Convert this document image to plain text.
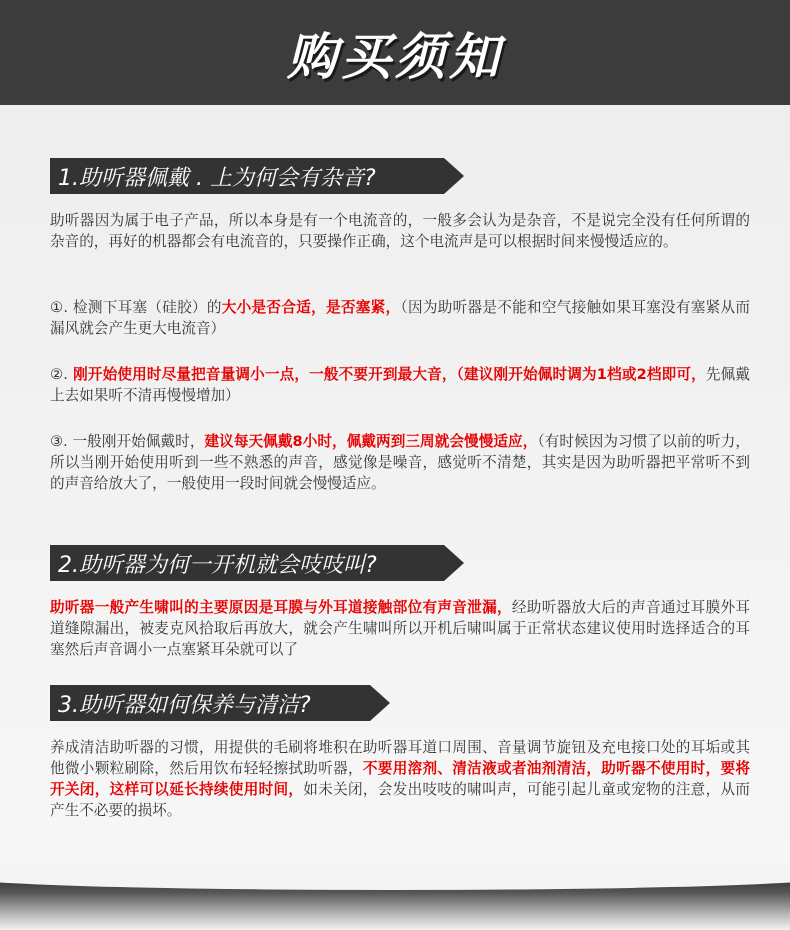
购买须知
1.助听器佩戴 . 上为何会有杂音?

助听器因为属于电子产品，所以本身是有一个电流音的，一般多会认为是杂音，不是说完全没有任何所谓的杂音的，再好的机器都会有电流音的，只要操作正确，这个电流声是可以根据时间来慢慢适应的。

①. 检测下耳塞（硅胶）的大小是否合适，是否塞紧，（因为助听器是不能和空气接触如果耳塞没有塞紧从而漏风就会产生更大电流音）

②. 刚开始使用时尽量把音量调小一点，一般不要开到最大音，（建议刚开始佩时调为1档或2档即可，先佩戴上去如果听不清再慢慢增加）

③. 一般刚开始佩戴时，建议每天佩戴8小时，佩戴两到三周就会慢慢适应，（有时候因为习惯了以前的听力，所以当刚开始使用听到一些不熟悉的声音，感觉像是噪音，感觉听不清楚，其实是因为助听器把平常听不到的声音给放大了，一般使用一段时间就会慢慢适应。

2.助听器为何一开机就会吱吱叫?

助听器一般产生啸叫的主要原因是耳膜与外耳道接触部位有声音泄漏，经助听器放大后的声音通过耳膜外耳道缝隙漏出，被麦克风拾取后再放大，就会产生啸叫所以开机后啸叫属于正常状态建议使用时选择适合的耳塞然后声音调小一点塞紧耳朵就可以了

3.助听器如何保养与清洁?

养成清洁助听器的习惯，用提供的毛刷将堆积在助听器耳道口周围、音量调节旋钮及充电接口处的耳垢或其他微小颗粒刷除，然后用饮布轻轻擦拭助听器，不要用溶剂、清洁液或者油剂清洁，助听器不使用时，要将开关闭，这样可以延长持续使用时间，如未关闭，会发出吱吱的啸叫声，可能引起儿童或宠物的注意，从而产生不必要的损坏。
